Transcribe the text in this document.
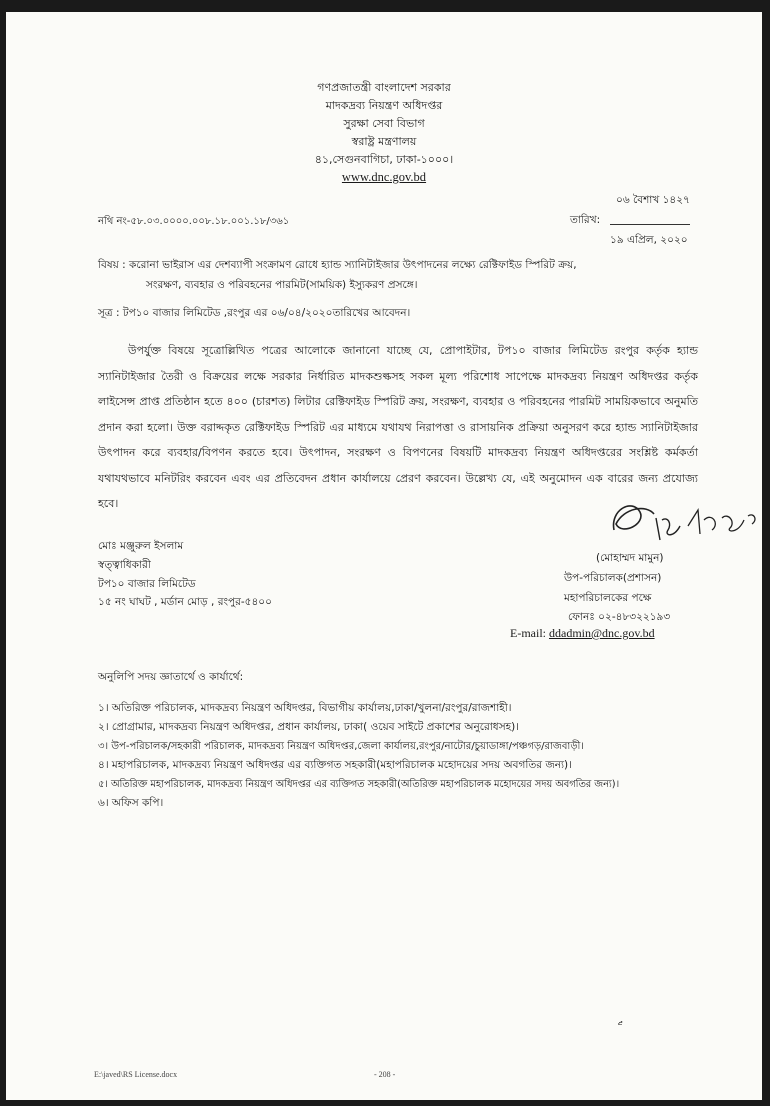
গণপ্রজাতন্ত্রী বাংলাদেশ সরকার
মাদকদ্রব্য নিয়ন্ত্রণ অধিদপ্তর
সুরক্ষা সেবা বিভাগ
স্বরাষ্ট্র মন্ত্রণালয়
৪১,সেগুনবাগিচা, ঢাকা-১০০০।
www.dnc.gov.bd
০৬ বৈশাখ ১৪২৭
তারিখ:
১৯ এপ্রিল, ২০২০
নথি নং-৫৮.০৩.০০০০.০০৮.১৮.০০১.১৮/৩৬১
বিষয় : করোনা ভাইরাস এর দেশব্যাপী সংক্রামণ রোধে হ্যান্ড স্যানিটাইজার উৎপাদনের লক্ষ্যে রেক্টিফাইড স্পিরিট ক্রয়,
সংরক্ষণ, ব্যবহার ও পরিবহনের পারমিট(সাময়িক) ইস্যুকরণ প্রসঙ্গে।
সূত্র : টপ১০ বাজার লিমিটেড ,রংপুর এর ০৬/০৪/২০২০তারিখের আবেদন।
উপর্যুক্ত বিষয়ে সূত্রোল্লিখিত পত্রের আলোকে জানানো যাচ্ছে যে, প্রোপাইটার, টপ১০ বাজার লিমিটেড রংপুর কর্তৃক হ্যান্ড স্যানিটাইজার তৈরী ও বিক্রয়ের লক্ষে সরকার নির্ধারিত মাদকশুল্কসহ সকল মূল্য পরিশোধ সাপেক্ষে মাদকদ্রব্য নিয়ন্ত্রণ অধিদপ্তর কর্তৃক লাইসেন্স প্রাপ্ত প্রতিষ্ঠান হতে ৪০০ (চারশত) লিটার রেক্টিফাইড স্পিরিট ক্রয়, সংরক্ষণ, ব্যবহার ও পরিবহনের পারমিট সাময়িকভাবে অনুমতি প্রদান করা হলো। উক্ত বরাদ্দকৃত রেক্টিফাইড স্পিরিট এর মাধ্যমে যথাযথ নিরাপত্তা ও রাসায়নিক প্রক্রিয়া অনুসরণ করে হ্যান্ড স্যানিটাইজার উৎপাদন করে ব্যবহার/বিপণন করতে হবে। উৎপাদন, সংরক্ষণ ও বিপণনের বিষয়টি মাদকদ্রব্য নিয়ন্ত্রণ অধিদপ্তরের সংশ্লিষ্ট কর্মকর্তা যথাযথভাবে মনিটরিং করবেন এবং এর প্রতিবেদন প্রধান কার্যালয়ে প্রেরণ করবেন। উল্লেখ্য যে, এই অনুমোদন এক বারের জন্য প্রযোজ্য হবে।
মোঃ মঞ্জুরুল ইসলাম
স্বত্ত্বাধিকারী
টপ১০ বাজার লিমিটেড
১৫ নং ঘাঘট , মর্ডান মোড় , রংপুর-৫৪০০
(মোহাম্মদ মামুন)
উপ-পরিচালক(প্রশাসন)
মহাপরিচালকের পক্ষে
ফোনঃ ০২-৪৮৩২২১৯৩
E-mail: ddadmin@dnc.gov.bd
অনুলিপি সদয় জ্ঞাতার্থে ও কার্যার্থে:
১। অতিরিক্ত পরিচালক, মাদকদ্রব্য নিয়ন্ত্রণ অধিদপ্তর, বিভাগীয় কার্যালয়,ঢাকা/খুলনা/রংপুর/রাজশাহী।
২। প্রোগ্রামার, মাদকদ্রব্য নিয়ন্ত্রণ অধিদপ্তর, প্রধান কার্যালয়, ঢাকা( ওয়েব সাইটে প্রকাশের অনুরোধসহ)।
৩। উপ-পরিচালক/সহকারী পরিচালক, মাদকদ্রব্য নিয়ন্ত্রণ অধিদপ্তর,জেলা কার্যালয়,রংপুর/নাটোর/চুয়াডাঙ্গা/পঞ্চগড়/রাজবাড়ী।
৪। মহাপরিচালক, মাদকদ্রব্য নিয়ন্ত্রণ অধিদপ্তর এর ব্যক্তিগত সহকারী(মহাপরিচালক মহোদয়ের সদয় অবগতির জন্য)।
৫। অতিরিক্ত মহাপরিচালক, মাদকদ্রব্য নিয়ন্ত্রণ অধিদপ্তর এর ব্যক্তিগত সহকারী(অতিরিক্ত মহাপরিচালক মহোদয়ের সদয় অবগতির জন্য)।
৬। অফিস কপি।
ޖ
E:\javed\RS License.docx	- 208 -
